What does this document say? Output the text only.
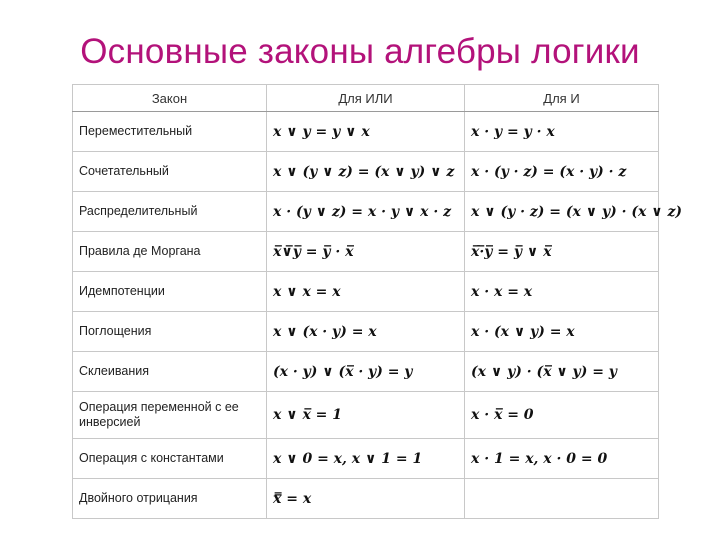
Основные законы алгебры логики
Закон	Для ИЛИ	Для И
Переместительный	x ∨ y = y ∨ x	x · y = y · x
Сочетательный	x ∨ (y ∨ z) = (x ∨ y) ∨ z	x · (y · z) = (x · y) · z
Распределительный	x · (y ∨ z) = x · y ∨ x · z	x ∨ (y · z) = (x ∨ y) · (x ∨ z)
Правила де Моргана	x̅∨̅y̅ = y̅ · x̅	x̅·̅y̅ = y̅ ∨ x̅
Идемпотенции	x ∨ x = x	x · x = x
Поглощения	x ∨ (x · y) = x	x · (x ∨ y) = x
Склеивания	(x · y) ∨ (x̅ · y) = y	(x ∨ y) · (x̅ ∨ y) = y
Операция переменной с ее инверсией	x ∨ x̅ = 1	x · x̅ = 0
Операция с константами	x ∨ 0 = x, x ∨ 1 = 1	x · 1 = x, x · 0 = 0
Двойного отрицания	x̿ = x	
